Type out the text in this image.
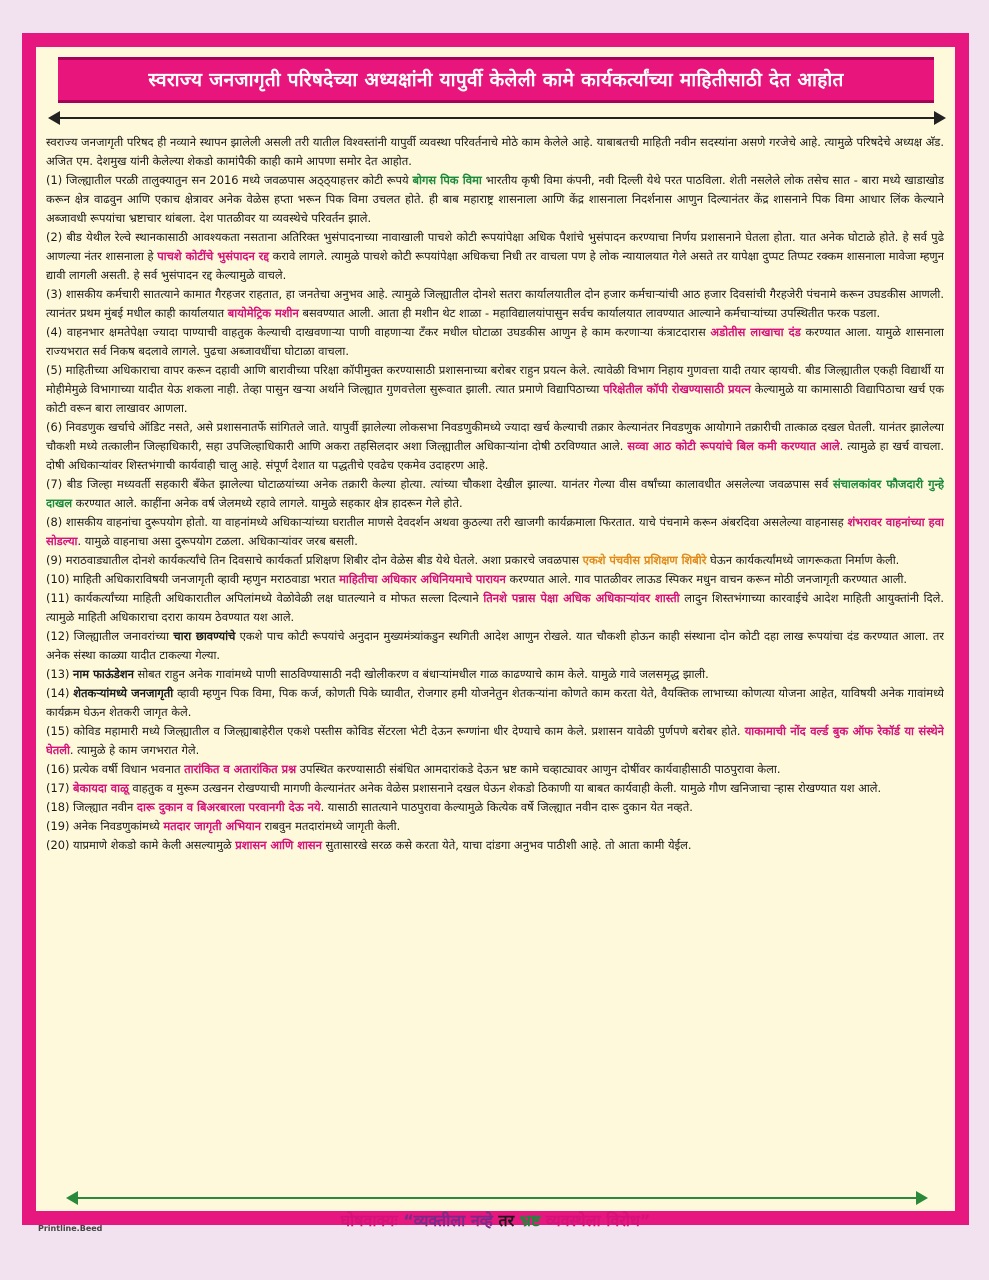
स्वराज्य जनजागृती परिषदेच्या अध्यक्षांनी यापुर्वी केलेली कामे कार्यकर्त्यांच्या माहितीसाठी देत आहोत

स्वराज्य जनजागृती परिषद ही नव्याने स्थापन झालेली असली तरी यातील विश्वस्तांनी यापुर्वी व्यवस्था परिवर्तनाचे मोठे काम केलेले आहे. याबाबतची माहिती नवीन सदस्यांना असणे गरजेचे आहे. त्यामुळे परिषदेचे अध्यक्ष अ‍ॅड. अजित एम. देशमुख यांनी केलेल्या शेकडो कामांपैकी काही कामे आपणा समोर देत आहोत.

(1) जिल्ह्यातील परळी तालुक्यातुन सन 2016 मध्ये जवळपास अठ्ठ्याहत्तर कोटी रूपये बोगस पिक विमा भारतीय कृषी विमा कंपनी, नवी दिल्ली येथे परत पाठविला. शेती नसलेले लोक तसेच सात - बारा मध्ये खाडाखोड करून क्षेत्र वाढवुन आणि एकाच क्षेत्रावर अनेक वेळेस हप्ता भरून पिक विमा उचलत होते. ही बाब महाराष्ट्र शासनाला आणि केंद्र शासनाला निदर्शनास आणुन दिल्यानंतर केंद्र शासनाने पिक विमा आधार लिंक केल्याने अब्जावधी रूपयांचा भ्रष्टाचार थांबला. देश पातळीवर या व्यवस्थेचे परिवर्तन झाले.

(2) बीड येथील रेल्वे स्थानकासाठी आवश्यकता नसताना अतिरिक्त भुसंपादनाच्या नावाखाली पाचशे कोटी रूपयांपेक्षा अधिक पैशांचे भुसंपादन करण्याचा निर्णय प्रशासनाने घेतला होता. यात अनेक घोटाळे होते. हे सर्व पुढे आणल्या नंतर शासनाला हे पाचशे कोटींचे भुसंपादन रद्द करावे लागले. त्यामुळे पाचशे कोटी रूपयांपेक्षा अधिकचा निधी तर वाचला पण हे लोक न्यायालयात गेले असते तर यापेक्षा दुप्पट तिप्पट रक्कम शासनाला मावेजा म्हणुन द्यावी लागली असती. हे सर्व भुसंपादन रद्द केल्यामुळे वाचले.

(3) शासकीय कर्मचारी सातत्याने कामात गैरहजर राहतात, हा जनतेचा अनुभव आहे. त्यामुळे जिल्ह्यातील दोनशे सतरा कार्यालयातील दोन हजार कर्मचाऱ्यांची आठ हजार दिवसांची गैरहजेरी पंचनामे करून उघडकीस आणली. त्यानंतर प्रथम मुंबई मधील काही कार्यालयात बायोमेट्रिक मशीन बसवण्यात आली. आता ही मशीन थेट शाळा - महाविद्यालयांपासुन सर्वच कार्यालयात लावण्यात आल्याने कर्मचाऱ्यांच्या उपस्थितीत फरक पडला.

(4) वाहनभार क्षमतेपेक्षा ज्यादा पाण्याची वाहतुक केल्याची दाखवणाऱ्या पाणी वाहणाऱ्या टँकर मधील घोटाळा उघडकीस आणुन हे काम करणाऱ्या कंत्राटदारास अडोतीस लाखाचा दंड करण्यात आला. यामुळे शासनाला राज्यभरात सर्व निकष बदलावे लागले. पुढचा अब्जावधींचा घोटाळा वाचला.

(5) माहितीच्या अधिकाराचा वापर करून दहावी आणि बारावीच्या परिक्षा कॉपीमुक्त करण्यासाठी प्रशासनाच्या बरोबर राहुन प्रयत्न केले. त्यावेळी विभाग निहाय गुणवत्ता यादी तयार व्हायची. बीड जिल्ह्यातील एकही विद्यार्थी या मोहीमेमुळे विभागाच्या यादीत येऊ शकला नाही. तेव्हा पासुन खऱ्या अर्थाने जिल्ह्यात गुणवत्तेला सुरूवात झाली. त्यात प्रमाणे विद्यापिठाच्या परिक्षेतील कॉपी रोखण्यासाठी प्रयत्न केल्यामुळे या कामासाठी विद्यापिठाचा खर्च एक कोटी वरून बारा लाखावर आणला.

(6) निवडणुक खर्चाचे ऑडिट नसते, असे प्रशासनातर्फे सांगितले जाते. यापुर्वी झालेल्या लोकसभा निवडणुकीमध्ये ज्यादा खर्च केल्याची तक्रार केल्यानंतर निवडणुक आयोगाने तक्रारीची तात्काळ दखल घेतली. यानंतर झालेल्या चौकशी मध्ये तत्कालीन जिल्हाधिकारी, सहा उपजिल्हाधिकारी आणि अकरा तहसिलदार अशा जिल्ह्यातील अधिकाऱ्यांना दोषी ठरविण्यात आले. सव्वा आठ कोटी रूपयांचे बिल कमी करण्यात आले. त्यामुळे हा खर्च वाचला. दोषी अधिकाऱ्यांवर शिस्तभंगाची कार्यवाही चालु आहे. संपूर्ण देशात या पद्धतीचे एवढेच एकमेव उदाहरण आहे.

(7) बीड जिल्हा मध्यवर्ती सहकारी बँकेत झालेल्या घोटाळयांच्या अनेक तक्रारी केल्या होत्या. त्यांच्या चौकशा देखील झाल्या. यानंतर गेल्या वीस वर्षांच्या कालावधीत असलेल्या जवळपास सर्व संचालकांवर फौजदारी गुन्हे दाखल करण्यात आले. काहींना अनेक वर्ष जेलमध्ये रहावे लागले. यामुळे सहकार क्षेत्र हादरून गेले होते.

(8) शासकीय वाहनांचा दुरूपयोग होतो. या वाहनांमध्ये अधिकाऱ्यांच्या घरातील माणसे देवदर्शन अथवा कुठल्या तरी खाजगी कार्यक्रमाला फिरतात. याचे पंचनामे करून अंबरदिवा असलेल्या वाहनासह शंभरावर वाहनांच्या हवा सोडल्या. यामुळे वाहनाचा असा दुरूपयोग टळला. अधिकाऱ्यांवर जरब बसली.

(9) मराठवाड्यातील दोनशे कार्यकर्त्यांचे तिन दिवसाचे कार्यकर्ता प्रशिक्षण शिबीर दोन वेळेस बीड येथे घेतले. अशा प्रकारचे जवळपास एकशे पंचवीस प्रशिक्षण शिबीरे घेऊन कार्यकर्त्यांमध्ये जागरूकता निर्माण केली.

(10) माहिती अधिकाराविषयी जनजागृती व्हावी म्हणुन मराठवाडा भरात माहितीचा अधिकार अधिनियमाचे पारायन करण्यात आले. गाव पातळीवर लाऊड स्पिकर मधुन वाचन करून मोठी जनजागृती करण्यात आली.

(11) कार्यकर्त्यांच्या माहिती अधिकारातील अपिलांमध्ये वेळोवेळी लक्ष घातल्याने व मोफत सल्ला दिल्याने तिनशे पन्नास पेक्षा अधिक अधिकाऱ्यांवर शास्ती लादुन शिस्तभंगाच्या कारवाईचे आदेश माहिती आयुक्तांनी दिले. त्यामुळे माहिती अधिकाराचा दरारा कायम ठेवण्यात यश आले.

(12) जिल्ह्यातील जनावरांच्या चारा छावण्यांचे एकशे पाच कोटी रूपयांचे अनुदान मुख्यमंत्र्यांकडुन स्थगिती आदेश आणुन रोखले. यात चौकशी होऊन काही संस्थाना दोन कोटी दहा लाख रूपयांचा दंड करण्यात आला. तर अनेक संस्था काळ्या यादीत टाकल्या गेल्या.

(13) नाम फाऊंडेशन सोबत राहुन अनेक गावांमध्ये पाणी साठविण्यासाठी नदी खोलीकरण व बंधाऱ्यांमधील गाळ काढण्याचे काम केले. यामुळे गावे जलसमृद्ध झाली.

(14) शेतकऱ्यांमध्ये जनजागृती व्हावी म्हणुन पिक विमा, पिक कर्ज, कोणती पिके घ्यावीत, रोजगार हमी योजनेतुन शेतकऱ्यांना कोणते काम करता येते, वैयक्तिक लाभाच्या कोणत्या योजना आहेत, याविषयी अनेक गावांमध्ये कार्यक्रम घेऊन शेतकरी जागृत केले.

(15) कोविड महामारी मध्ये जिल्ह्यातील व जिल्ह्याबाहेरील एकशे पस्तीस कोविड सेंटरला भेटी देऊन रूग्णांना धीर देण्याचे काम केले. प्रशासन यावेळी पुर्णपणे बरोबर होते. याकामाची नोंद वर्ल्ड बुक ऑफ रेकॉर्ड या संस्थेने घेतली. त्यामुळे हे काम जगभरात गेले.

(16) प्रत्येक वर्षी विधान भवनात तारांकित व अतारांकित प्रश्न उपस्थित करण्यासाठी संबंधित आमदारांकडे देऊन भ्रष्ट कामे चव्हाट्यावर आणुन दोषींवर कार्यवाहीसाठी पाठपुरावा केला.

(17) बेकायदा वाळू वाहतुक व मुरूम उत्खनन रोखण्याची मागणी केल्यानंतर अनेक वेळेस प्रशासनाने दखल घेऊन शेकडो ठिकाणी या बाबत कार्यवाही केली. यामुळे गौण खनिजाचा ऱ्हास रोखण्यात यश आले.

(18) जिल्ह्यात नवीन दारू दुकान व बिअरबारला परवानगी देऊ नये. यासाठी सातत्याने पाठपुरावा केल्यामुळे कित्येक वर्षे जिल्ह्यात नवीन दारू दुकान येत नव्हते.

(19) अनेक निवडणुकांमध्ये मतदार जागृती अभियान राबवुन मतदारांमध्ये जागृती केली.

(20) याप्रमाणे शेकडो कामे केली असल्यामुळे प्रशासन आणि शासन सुतासारखे सरळ कसे करता येते, याचा दांडगा अनुभव पाठीशी आहे. तो आता कामी येईल.

घोषवाक्यः “व्यक्तीला नव्हे तर भ्रष्ट व्यवस्थेला विरोध”
Printline.Beed
